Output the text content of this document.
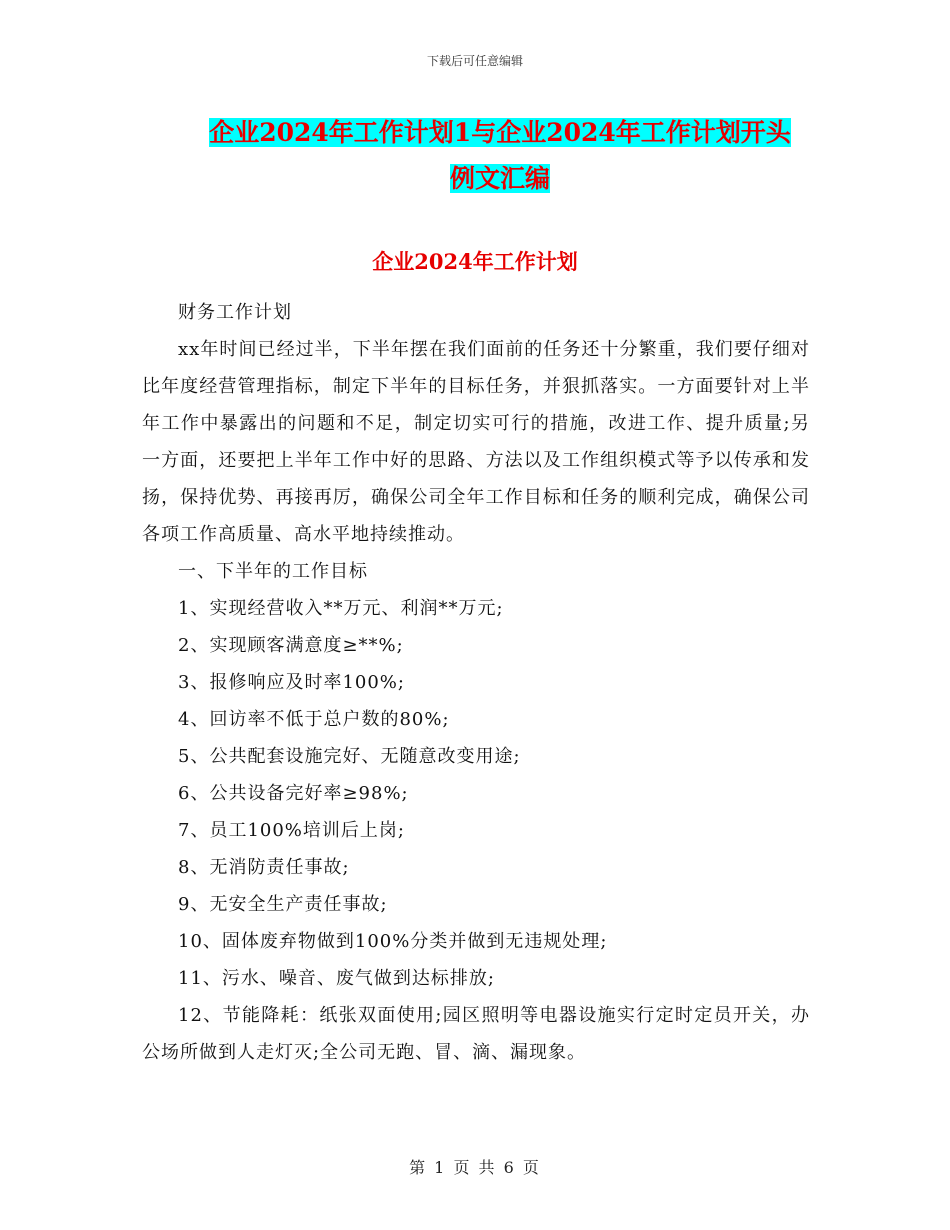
下载后可任意编辑
企业2024年工作计划1与企业2024年工作计划开头
例文汇编
企业2024年工作计划

财务工作计划

xx年时间已经过半，下半年摆在我们面前的任务还十分繁重，我们要仔细对比年度经营管理指标，制定下半年的目标任务，并狠抓落实。一方面要针对上半年工作中暴露出的问题和不足，制定切实可行的措施，改进工作、提升质量;另一方面，还要把上半年工作中好的思路、方法以及工作组织模式等予以传承和发扬，保持优势、再接再厉，确保公司全年工作目标和任务的顺利完成，确保公司各项工作高质量、高水平地持续推动。

一、下半年的工作目标

1、实现经营收入**万元、利润**万元;

2、实现顾客满意度≥**%;

3、报修响应及时率100%;

4、回访率不低于总户数的80%;

5、公共配套设施完好、无随意改变用途;

6、公共设备完好率≥98%;

7、员工100%培训后上岗;

8、无消防责任事故;

9、无安全生产责任事故;

10、固体废弃物做到100%分类并做到无违规处理;

11、污水、噪音、废气做到达标排放;

12、节能降耗：纸张双面使用;园区照明等电器设施实行定时定员开关，办公场所做到人走灯灭;全公司无跑、冒、滴、漏现象。

第 1 页 共 6 页
